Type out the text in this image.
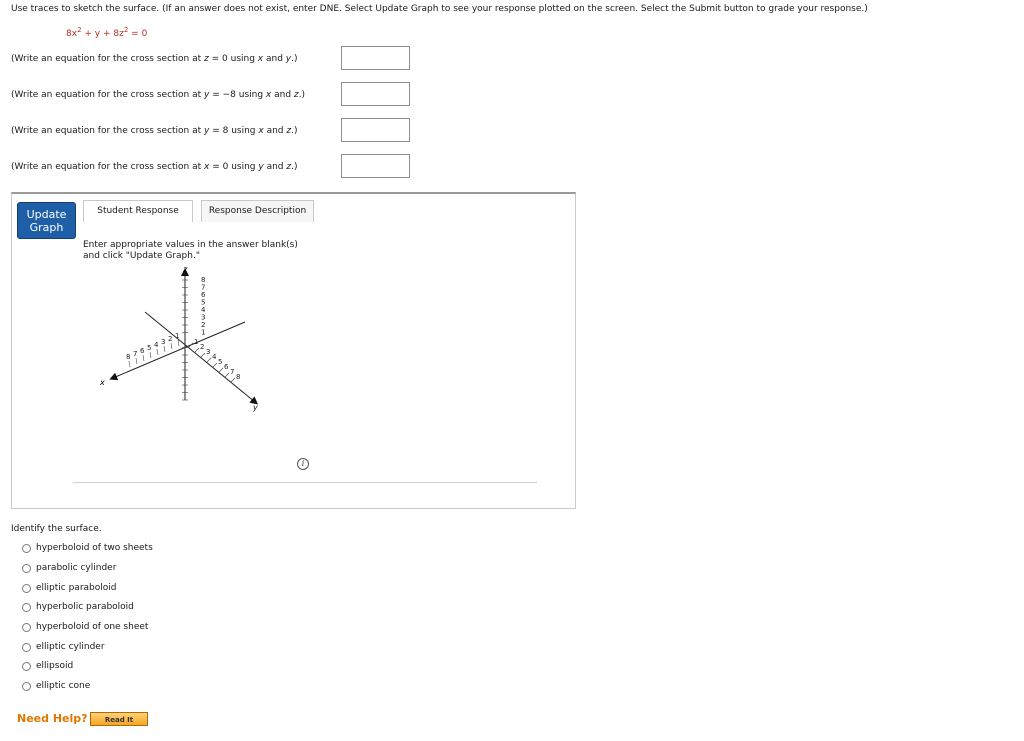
Use traces to sketch the surface. (If an answer does not exist, enter DNE. Select Update Graph to see your response plotted on the screen. Select the Submit button to grade your response.)
$8x^2 + y + 8z^2 = 0$
(Write an equation for the cross section at z = 0 using x and y.)
(Write an equation for the cross section at y = −8 using x and z.)
(Write an equation for the cross section at y = 8 using x and z.)
(Write an equation for the cross section at x = 0 using y and z.)
Update Graph
Student Response	Response Description
Enter appropriate values in the answer blank(s)
and click "Update Graph."
8
7
6
5
4
3
2
1
8 7 6 5 4 3 2 1
1
2
3
4
5
6
7
8
z
x
y
i
Identify the surface.
hyperboloid of two sheets
parabolic cylinder
elliptic paraboloid
hyperbolic paraboloid
hyperboloid of one sheet
elliptic cylinder
ellipsoid
elliptic cone
Need Help?	Read It
